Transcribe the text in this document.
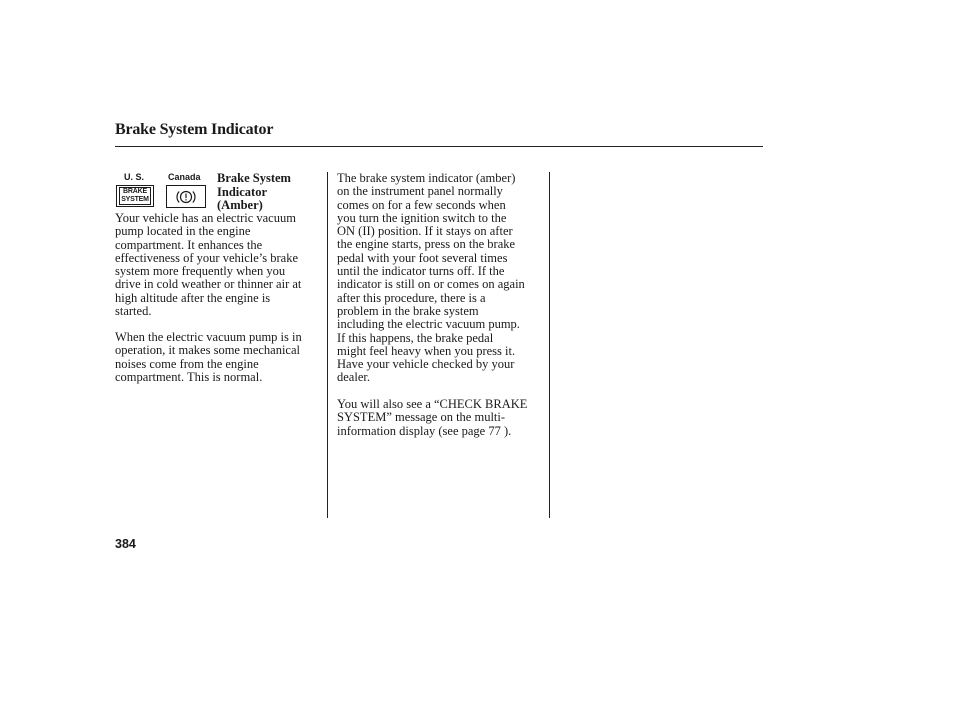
Brake System Indicator
U. S.	Canada
BRAKE
SYSTEM
Brake System
Indicator
(Amber)
Your vehicle has an electric vacuum
pump located in the engine
compartment. It enhances the
effectiveness of your vehicle’s brake
system more frequently when you
drive in cold weather or thinner air at
high altitude after the engine is
started.
When the electric vacuum pump is in
operation, it makes some mechanical
noises come from the engine
compartment. This is normal.
The brake system indicator (amber)
on the instrument panel normally
comes on for a few seconds when
you turn the ignition switch to the
ON (II) position. If it stays on after
the engine starts, press on the brake
pedal with your foot several times
until the indicator turns off. If the
indicator is still on or comes on again
after this procedure, there is a
problem in the brake system
including the electric vacuum pump.
If this happens, the brake pedal
might feel heavy when you press it.
Have your vehicle checked by your
dealer.
You will also see a “CHECK BRAKE
SYSTEM” message on the multi-
information display (see page 77 ).
384
